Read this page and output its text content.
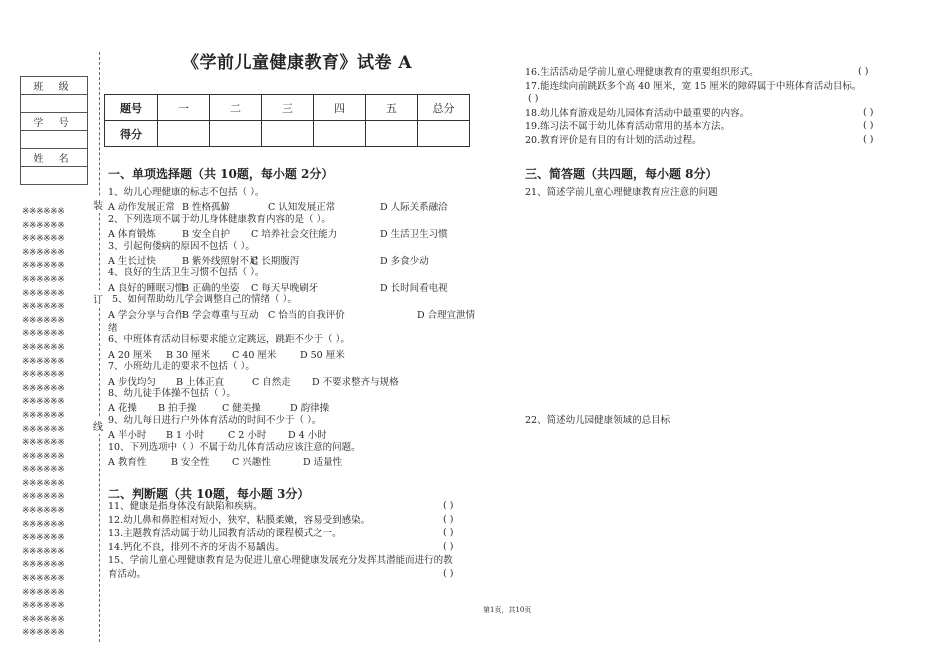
班 级

学 号

姓 名

※※※※※※
※※※※※※
※※※※※※
※※※※※※
※※※※※※
※※※※※※
※※※※※※
※※※※※※
※※※※※※
※※※※※※
※※※※※※
※※※※※※
※※※※※※
※※※※※※
※※※※※※
※※※※※※
※※※※※※
※※※※※※
※※※※※※
※※※※※※
※※※※※※
※※※※※※
※※※※※※
※※※※※※
※※※※※※
※※※※※※
※※※※※※
※※※※※※
※※※※※※
※※※※※※
※※※※※※
※※※※※※
装
订
线
《学前儿童健康教育》试卷 A
题号	一	二	三	四	五	总分
得分						
一、单项选择题（共 10题，每小题 2分）
1、幼儿心理健康的标志不包括（ ）。
A 动作发展正常 B 性格孤僻	C 认知发展正常	D 人际关系融洽
2、下列选项不属于幼儿身体健康教育内容的是（ ）。
A 体育锻炼	B 安全自护 C 培养社会交往能力	D 生活卫生习惯
3、引起佝偻病的原因不包括（ ）。
A 生长过快	B 紫外线照射不足
C 长期腹泻	D 多食少动
4、良好的生活卫生习惯不包括（ ）。
A 良好的睡眠习惯
B 正确的坐姿 C 每天早晚刷牙	D 长时间看电视
5、如何帮助幼儿学会调整自己的情绪（ ）。
A 学会分享与合作
B 学会尊重与互动 C 恰当的自我评价	D 合理宣泄情
绪
6、中班体育活动目标要求能立定跳远，跳距不少于（ ）。
A 20 厘米 B 30 厘米 C 40 厘米 D 50 厘米
7、小班幼儿走的要求不包括（ ）。
A 步伐均匀 B 上体正直	C 自然走 D 不要求整齐与规格
8、幼儿徒手体操不包括（ ）。
A 花操 B 拍手操	C 健美操	D 韵律操
9、幼儿每日进行户外体育活动的时间不少于（ ）。
A 半小时 B 1 小时	C 2 小时 D 4 小时
10、下列选项中（ ）不属于幼儿体育活动应该注意的问题。
A 教育性	B 安全性 C 兴趣性	D 适量性
二、判断题（共 10题，每小题 3分）
11、健康是指身体没有缺陷和疾病。
12.幼儿鼻和鼻腔相对短小，狭窄，粘膜柔嫩，容易受到感染。
13.主题教育活动属于幼儿园教育活动的课程模式之一。
14.钙化不良，排列不齐的牙齿不易龋齿。
15、学前儿童心理健康教育是为促进儿童心理健康发展充分发挥其潜能而进行的教
育活动。
( )
( )
( )
( )
( )
16.生活活动是学前儿童心理健康教育的重要组织形式。
17.能连续向前跳跃多个高 40 厘米，宽 15 厘米的障碍属于中班体育活动目标。
18.幼儿体育游戏是幼儿园体育活动中最重要的内容。
19.练习法不属于幼儿体育活动常用的基本方法。
20.教育评价是有目的有计划的活动过程。
( )
( )
( )
( )
( )
三、简答题（共四题，每小题 8分）
21、简述学前儿童心理健康教育应注意的问题
22、简述幼儿园健康领域的总目标
第1页，共10页
